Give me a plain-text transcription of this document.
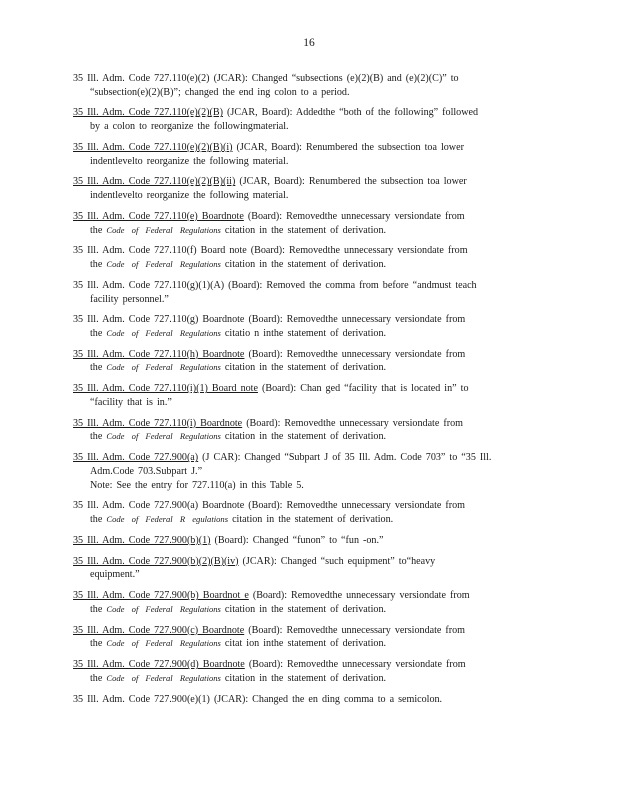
16
35 Ill. Adm. Code 727.110(e)(2) (JCAR): Changed “subsections (e)(2)(B) and (e)(2)(C)” to
“subsection(e)(2)(B)”; changed the end ing colon to a period.
35 Ill. Adm. Code 727.110(e)(2)(B) (JCAR, Board): Addedthe “both of the following” followed
by a colon to reorganize the followingmaterial.
35 Ill. Adm. Code 727.110(e)(2)(B)(i) (JCAR, Board): Renumbered the subsection toa lower
indentlevelto reorganize the following material.
35 Ill. Adm. Code 727.110(e)(2)(B)(ii) (JCAR, Board): Renumbered the subsection toa lower
indentlevelto reorganize the following material.
35 Ill. Adm. Code 727.110(e) Boardnote (Board): Removedthe unnecessary versiondate from
the Code of Federal Regulations citation in the statement of derivation.
35 Ill. Adm. Code 727.110(f) Board note (Board): Removedthe unnecessary versiondate from
the Code of Federal Regulations citation in the statement of derivation.
35 Ill. Adm. Code 727.110(g)(1)(A) (Board): Removed the comma from before “andmust teach
facility personnel.”
35 Ill. Adm. Code 727.110(g) Boardnote (Board): Removedthe unnecessary versiondate from
the Code of Federal Regulations citatio n inthe statement of derivation.
35 Ill. Adm. Code 727.110(h) Boardnote (Board): Removedthe unnecessary versiondate from
the Code of Federal Regulations citation in the statement of derivation.
35 Ill. Adm. Code 727.110(i)(1) Board note (Board): Chan ged “facility that is located in” to
“facility that is in.”
35 Ill. Adm. Code 727.110(i) Boardnote (Board): Removedthe unnecessary versiondate from
the Code of Federal Regulations citation in the statement of derivation.
35 Ill. Adm. Code 727.900(a) (J CAR): Changed “Subpart J of 35 Ill. Adm. Code 703” to “35 Ill.
Adm.Code 703.Subpart J.”
Note: See the entry for 727.110(a) in this Table 5.
35 Ill. Adm. Code 727.900(a) Boardnote (Board): Removedthe unnecessary versiondate from
the Code of Federal R egulations citation in the statement of derivation.
35 Ill. Adm. Code 727.900(b)(1) (Board): Changed “funon” to “fun -on.”
35 Ill. Adm. Code 727.900(b)(2)(B)(iv) (JCAR): Changed “such equipment” to“heavy
equipment.”
35 Ill. Adm. Code 727.900(b) Boardnot e (Board): Removedthe unnecessary versiondate from
the Code of Federal Regulations citation in the statement of derivation.
35 Ill. Adm. Code 727.900(c) Boardnote (Board): Removedthe unnecessary versiondate from
the Code of Federal Regulations citat ion inthe statement of derivation.
35 Ill. Adm. Code 727.900(d) Boardnote (Board): Removedthe unnecessary versiondate from
the Code of Federal Regulations citation in the statement of derivation.
35 Ill. Adm. Code 727.900(e)(1) (JCAR): Changed the en ding comma to a semicolon.
